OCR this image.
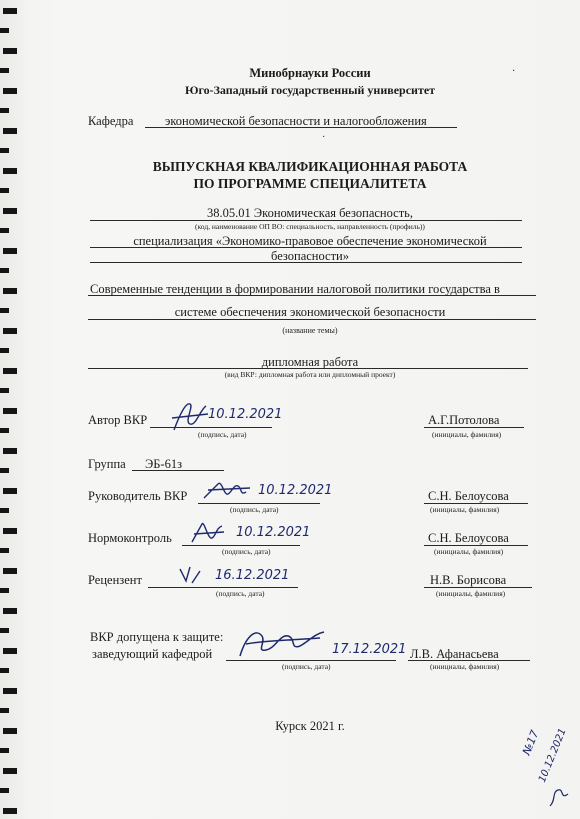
Минобрнауки России
Юго-Западный государственный университет
·
Кафедра	экономической безопасности и налогообложения
·
ВЫПУСКНАЯ КВАЛИФИКАЦИОННАЯ РАБОТА
ПО ПРОГРАММЕ СПЕЦИАЛИТЕТА
38.05.01 Экономическая безопасность,
(код, наименование ОП ВО: специальность, направленность (профиль))
специализация «Экономико-правовое обеспечение экономической
безопасности»
Современные тенденции в формировании налоговой политики государства в
системе обеспечения экономической безопасности
(название темы)
дипломная работа
(вид ВКР: дипломная работа или дипломный проект)
Автор ВКР
(подпись, дата)
10.12.2021	А.Г.Потолова
(инициалы, фамилия)
Группа ЭБ-61з
Руководитель ВКР
(подпись, дата)
10.12.2021	С.Н. Белоусова
(инициалы, фамилия)
Нормоконтроль
(подпись, дата)
10.12.2021	С.Н. Белоусова
(инициалы, фамилия)
Рецензент
(подпись, дата)
16.12.2021	Н.В. Борисова
(инициалы, фамилия)
ВКР допущена к защите:
заведующий кафедрой
(подпись, дата)
17.12.2021 Л.В. Афанасьева
(инициалы, фамилия)
Курск 2021 г.
№17
10.12.2021
